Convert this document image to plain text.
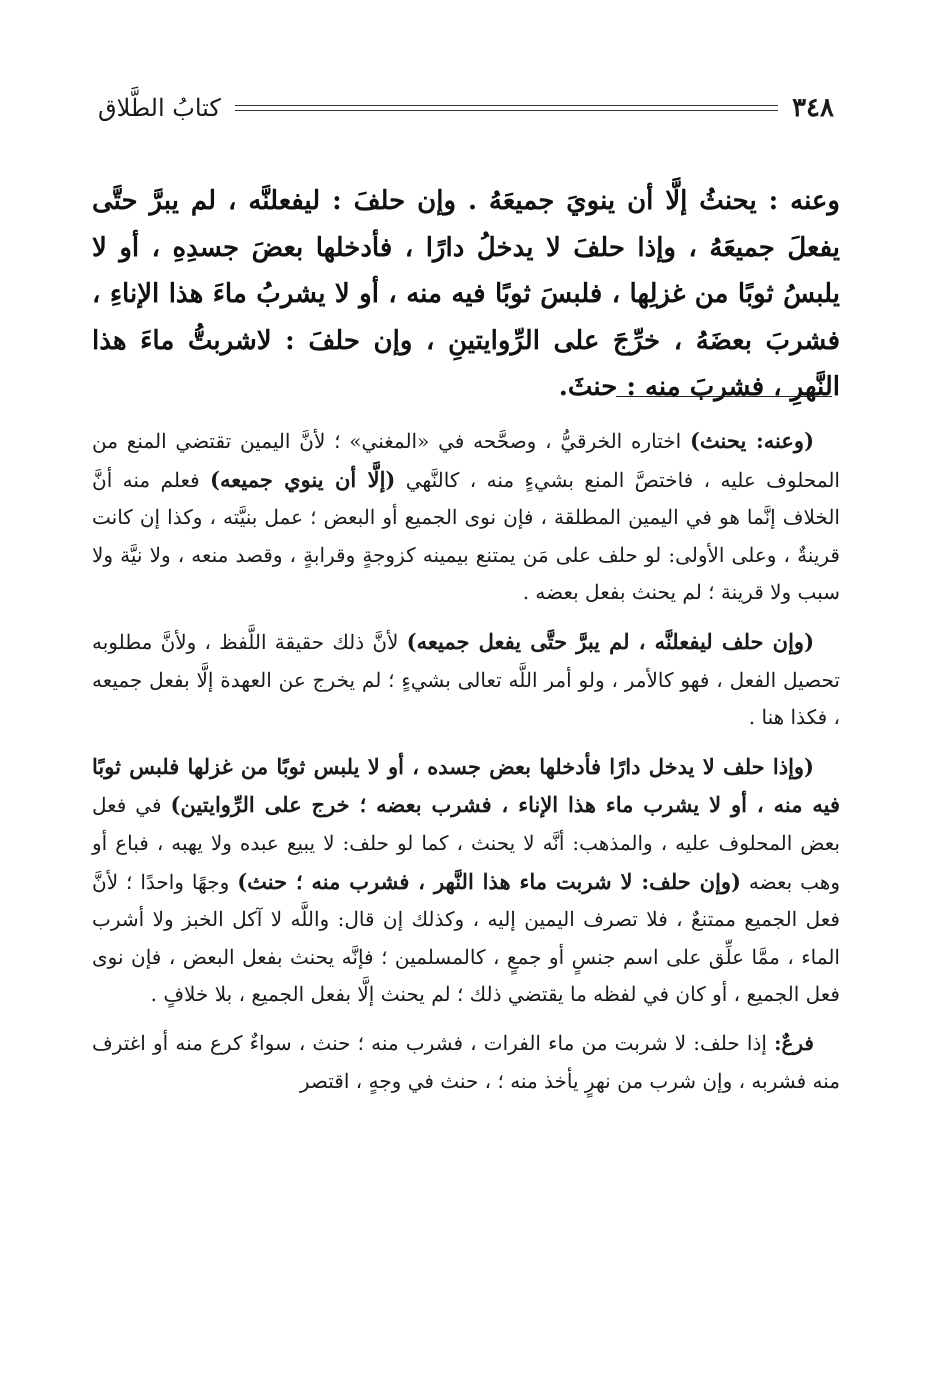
٣٤٨
كتابُ الطَّلاق
وعنه : يحنثُ إلَّا أن ينويَ جميعَهُ . وإن حلفَ : ليفعلنَّه ، لم يبرَّ حتَّى يفعلَ جميعَهُ ، وإذا حلفَ لا يدخلُ دارًا ، فأدخلها بعضَ جسدِهِ ، أو لا يلبسُ ثوبًا من غزلِها ، فلبسَ ثوبًا فيه منه ، أو لا يشربُ ماءَ هذا الإناءِ ، فشربَ بعضَهُ ، خرِّجَ على الرِّوايتينِ ، وإن حلفَ : لاشربتُّ ماءَ هذا النَّهرِ ، فشربَ منه : حنثَ.

(وعنه: يحنث) اختاره الخرقيُّ ، وصحَّحه في «المغني» ؛ لأنَّ اليمين تقتضي المنع من المحلوف عليه ، فاختصَّ المنع بشيءٍ منه ، كالنَّهي (إلَّا أن ينوي جميعه) فعلم منه أنَّ الخلاف إنَّما هو في اليمين المطلقة ، فإن نوى الجميع أو البعض ؛ عمل بنيَّته ، وكذا إن كانت قرينةٌ ، وعلى الأولى: لو حلف على مَن يمتنع بيمينه كزوجةٍ وقرابةٍ ، وقصد منعه ، ولا نيَّة ولا سبب ولا قرينة ؛ لم يحنث بفعل بعضه .

(وإن حلف ليفعلنَّه ، لم يبرَّ حتَّى يفعل جميعه) لأنَّ ذلك حقيقة اللَّفظ ، ولأنَّ مطلوبه تحصيل الفعل ، فهو كالأمر ، ولو أمر اللَّه تعالى بشيءٍ ؛ لم يخرج عن العهدة إلَّا بفعل جميعه ، فكذا هنا .

(وإذا حلف لا يدخل دارًا فأدخلها بعض جسده ، أو لا يلبس ثوبًا من غزلها فلبس ثوبًا فيه منه ، أو لا يشرب ماء هذا الإناء ، فشرب بعضه ؛ خرج على الرِّوايتين) في فعل بعض المحلوف عليه ، والمذهب: أنَّه لا يحنث ، كما لو حلف: لا يبيع عبده ولا يهبه ، فباع أو وهب بعضه (وإن حلف: لا شربت ماء هذا النَّهر ، فشرب منه ؛ حنث) وجهًا واحدًا ؛ لأنَّ فعل الجميع ممتنعٌ ، فلا تصرف اليمين إليه ، وكذلك إن قال: واللَّه لا آكل الخبز ولا أشرب الماء ، ممَّا علِّق على اسم جنسٍ أو جمعٍ ، كالمسلمين ؛ فإنَّه يحنث بفعل البعض ، فإن نوى فعل الجميع ، أو كان في لفظه ما يقتضي ذلك ؛ لم يحنث إلَّا بفعل الجميع ، بلا خلافٍ .

فرعٌ: إذا حلف: لا شربت من ماء الفرات ، فشرب منه ؛ حنث ، سواءٌ كرع منه أو اغترف منه فشربه ، وإن شرب من نهرٍ يأخذ منه ؛ ، حنث في وجهٍ ، اقتصر
